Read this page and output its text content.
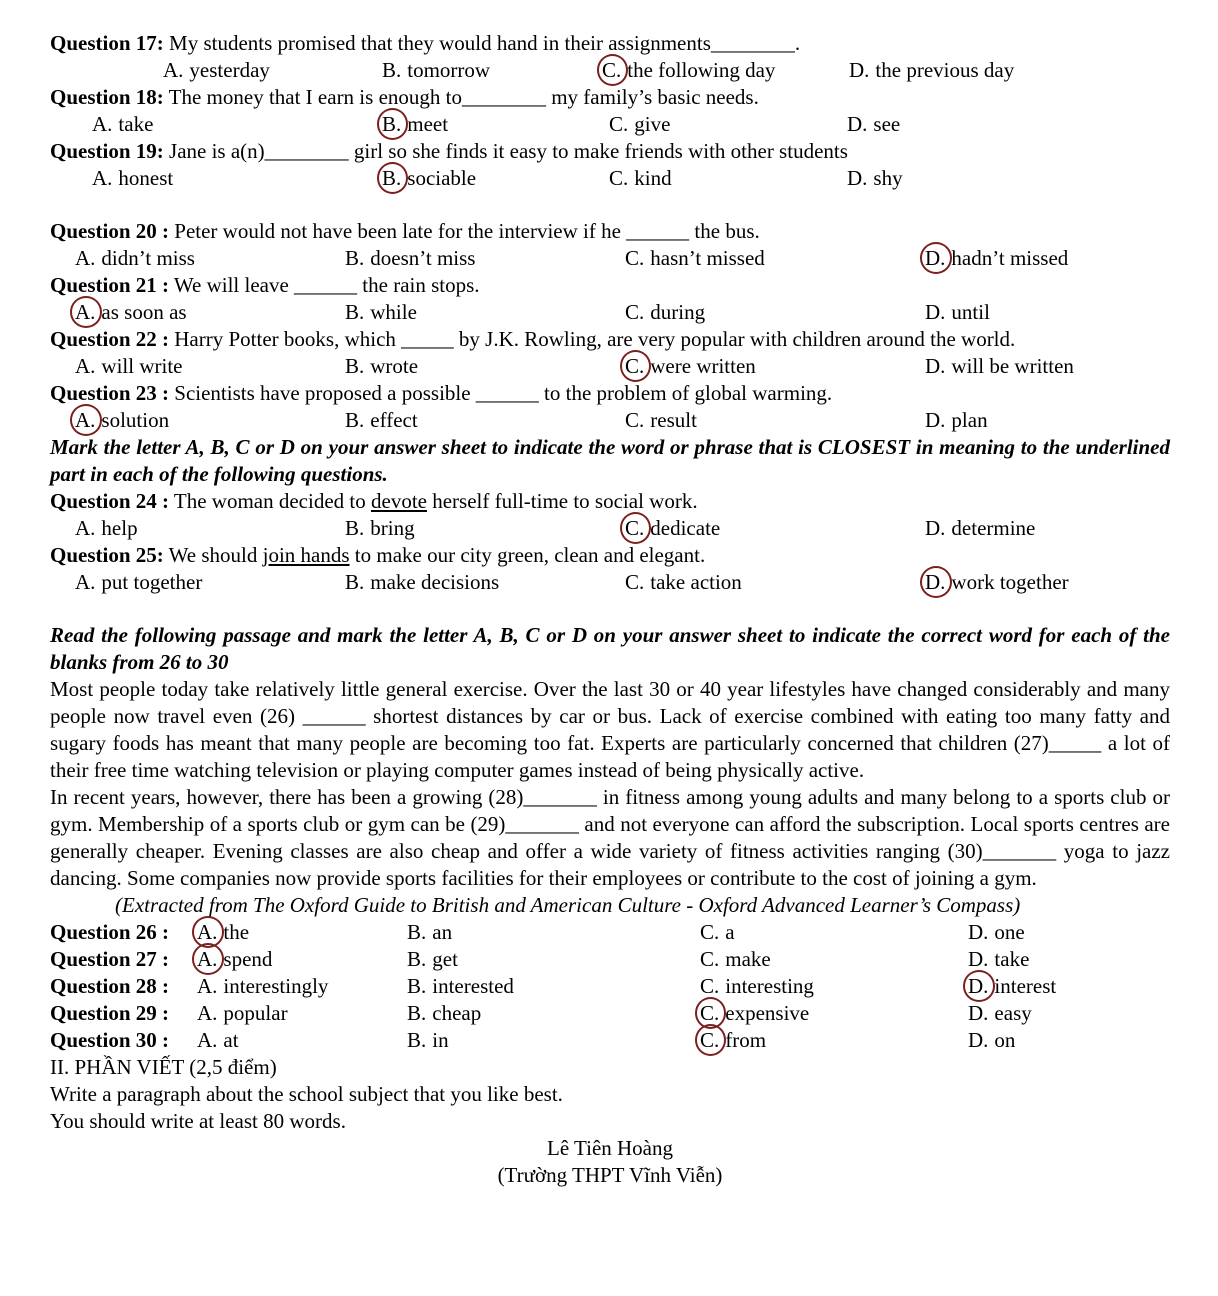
Question 17: My students promised that they would hand in their assignments________.
A. yesterday	B. tomorrow	C. the following day	D. the previous day
Question 18: The money that I earn is enough to________ my family’s basic needs.
A. take	B. meet	C. give	D. see
Question 19: Jane is a(n)________ girl so she finds it easy to make friends with other students
A. honest	B. sociable	C. kind	D. shy
Question 20 : Peter would not have been late for the interview if he ______ the bus.
A. didn’t miss	B. doesn’t miss	C. hasn’t missed	D. hadn’t missed
Question 21 : We will leave ______ the rain stops.
A. as soon as	B. while	C. during	D. until
Question 22 : Harry Potter books, which _____ by J.K. Rowling, are very popular with children around the world.
A. will write	B. wrote	C. were written	D. will be written
Question 23 : Scientists have proposed a possible ______ to the problem of global warming.
A. solution	B. effect	C. result	D. plan
Mark the letter A, B, C or D on your answer sheet to indicate the word or phrase that is CLOSEST in meaning to the underlined part in each of the following questions.
Question 24 : The woman decided to devote herself full-time to social work.
A. help	B. bring	C. dedicate	D. determine
Question 25: We should join hands to make our city green, clean and elegant.
A. put together	B. make decisions	C. take action	D. work together
Read the following passage and mark the letter A, B, C or D on your answer sheet to indicate the correct word for each of the blanks from 26 to 30
Most people today take relatively little general exercise. Over the last 30 or 40 year lifestyles have changed considerably and many people now travel even (26) ______ shortest distances by car or bus. Lack of exercise combined with eating too many fatty and sugary foods has meant that many people are becoming too fat. Experts are particularly concerned that children (27)_____ a lot of their free time watching television or playing computer games instead of being physically active.
In recent years, however, there has been a growing (28)_______ in fitness among young adults and many belong to a sports club or gym. Membership of a sports club or gym can be (29)_______ and not everyone can afford the subscription. Local sports centres are generally cheaper. Evening classes are also cheap and offer a wide variety of fitness activities ranging (30)_______ yoga to jazz dancing. Some companies now provide sports facilities for their employees or contribute to the cost of joining a gym.
(Extracted from The Oxford Guide to British and American Culture - Oxford Advanced Learner’s Compass)
Question 26 : A. the	B. an	C. a	D. one
Question 27 : A. spend	B. get	C. make	D. take
Question 28 : A. interestingly	B. interested	C. interesting	D. interest
Question 29 : A. popular	B. cheap	C. expensive	D. easy
Question 30 : A. at	B. in	C. from	D. on
II. PHẦN VIẾT (2,5 điểm)
Write a paragraph about the school subject that you like best.
You should write at least 80 words.
Lê Tiên Hoàng
(Trường THPT Vĩnh Viễn)
